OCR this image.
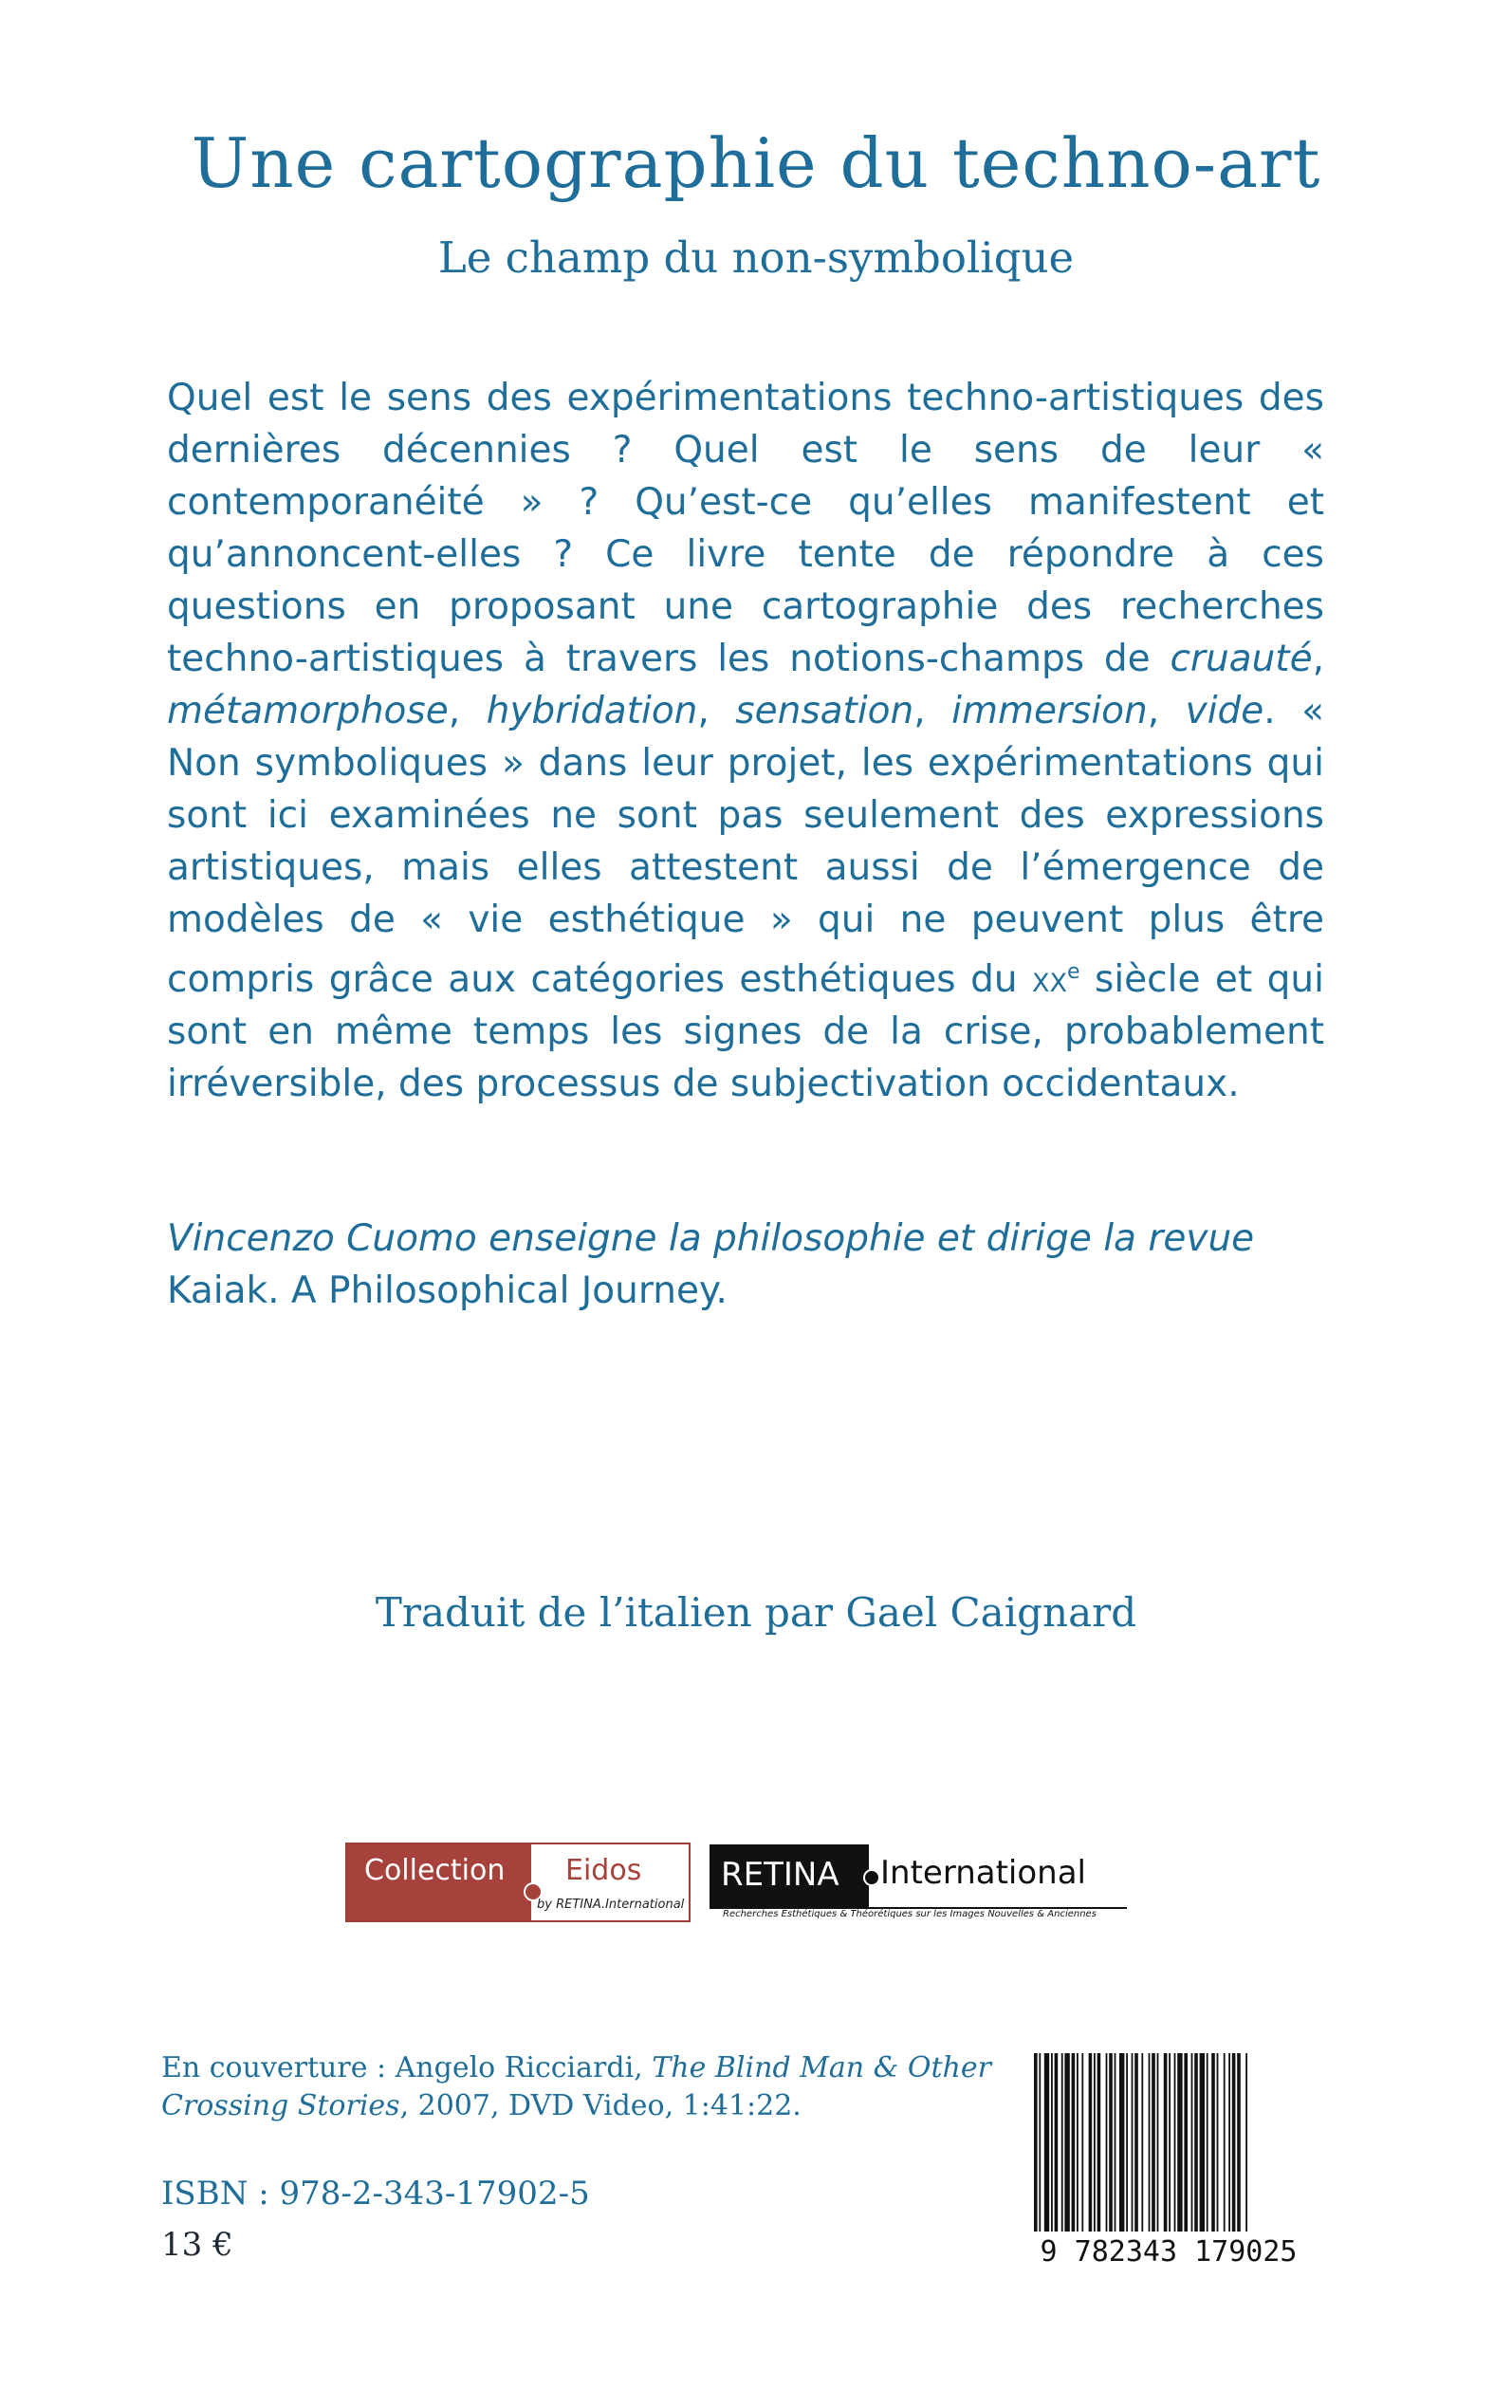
Une cartographie du techno-art
Le champ du non-symbolique
Quel est le sens des expérimentations techno-artistiques des dernières décennies ? Quel est le sens de leur « contemporanéité » ? Qu’est-ce qu’elles manifestent et qu’annoncent-elles ? Ce livre tente de répondre à ces questions en proposant une cartographie des recherches techno-artistiques à travers les notions-champs de cruauté, métamorphose, hybridation, sensation, immersion, vide. « Non symboliques » dans leur projet, les expérimentations qui sont ici examinées ne sont pas seulement des expressions artistiques, mais elles attestent aussi de l’émergence de modèles de « vie esthétique » qui ne peuvent plus être compris grâce aux catégories esthétiques du $xx^e$ siècle et qui sont en même temps les signes de la crise, probablement irréversible, des processus de subjectivation occidentaux.
Vincenzo Cuomo enseigne la philosophie et dirige la revue Kaiak. A Philosophical Journey.
Traduit de l’italien par Gael Caignard
Collection Eidos
by RETINA.International
RETINA International
Recherches Esthétiques & Théorétiques sur les Images Nouvelles & Anciennes
En couverture : Angelo Ricciardi, The Blind Man & Other Crossing Stories, 2007, DVD Video, 1:41:22.
ISBN : 978-2-343-17902-5
13 €	9 782343 179025
